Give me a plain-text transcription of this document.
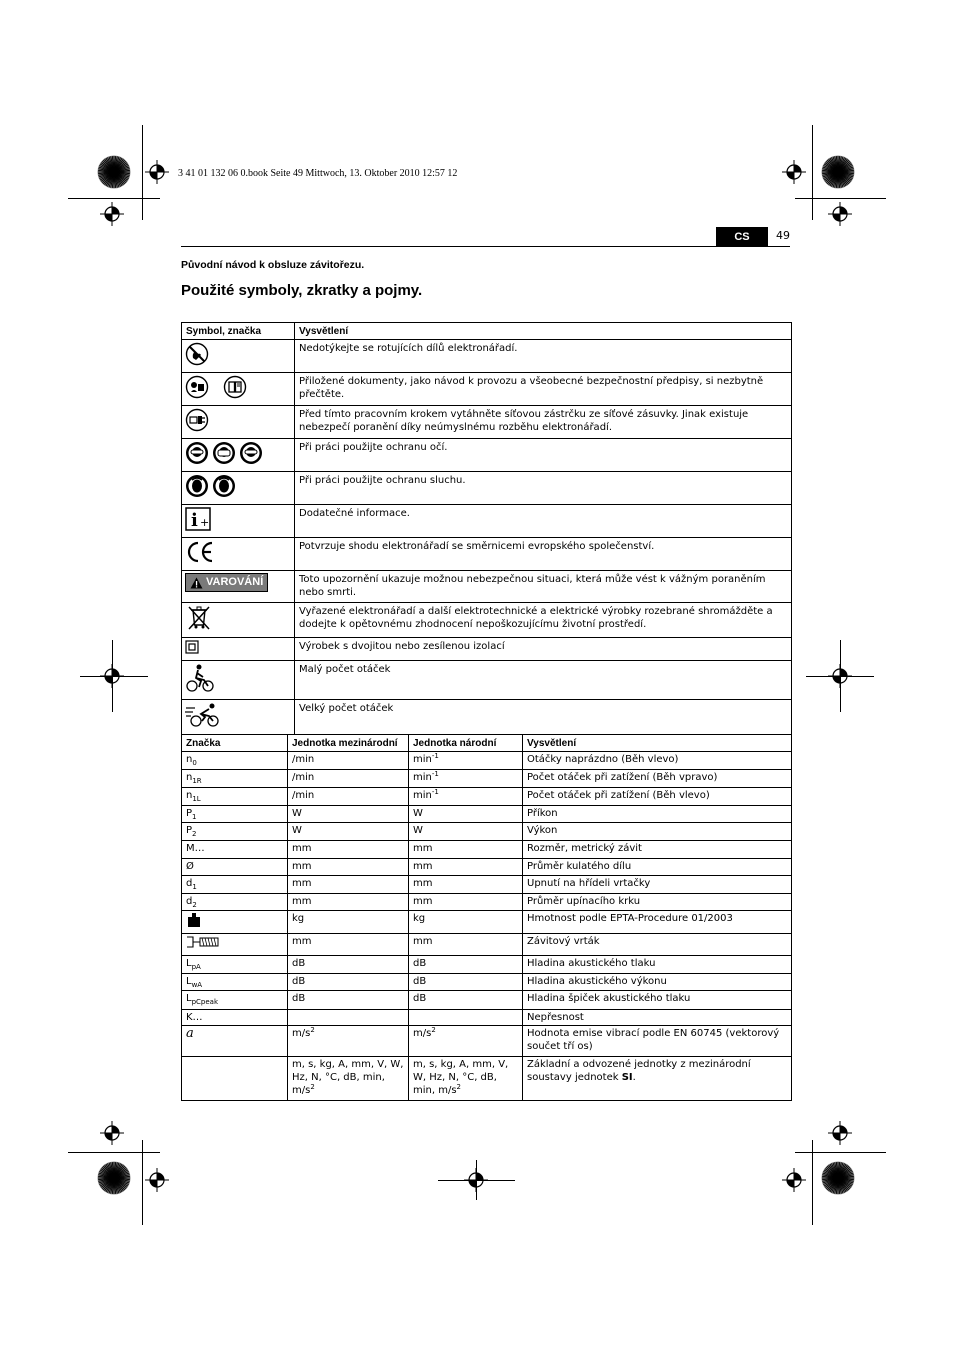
3 41 01 132 06 0.book Seite 49 Mittwoch, 13. Oktober 2010 12:57 12
CS	49
Původní návod k obsluze závitořezu.
Použité symboly, zkratky a pojmy.
Symbol, značka	Vysvětlení
	Nedotýkejte se rotujících dílů elektronářadí.

	Přiložené dokumenty, jako návod k provozu a všeobecné bezpečnostní předpisy, si nezbytně přečtěte.
	Před tímto pracovním krokem vytáhněte síťovou zástrčku ze síťové zásuvky. Jinak existuje nebezpečí poranění díky neúmyslnému rozběhu elektronářadí.

	Při práci použijte ochranu očí.

	Při práci použijte ochranu sluchu.

i +	Dodatečné informace.
	Potvrzuje shodu elektronářadí se směrnicemi evropského společenství.

VAROVÁNÍ	Toto upozornění ukazuje možnou nebezpečnou situaci, která může vést k vážným poraněním nebo smrti.
	Vyřazené elektronářadí a další elektrotechnické a elektrické výrobky rozebrané shromážděte a dodejte k opětovnému zhodnocení nepoškozujícímu životní prostředí.
	Výrobek s dvojitou nebo zesílenou izolací
	Malý počet otáček
	Velký počet otáček
Značka	Jednotka mezinárodní	Jednotka národní	Vysvětlení
$n_0$	/min	$\min^{-1}$	Otáčky naprázdno (Běh vlevo)
$n_{1R}$	/min	$\min^{-1}$	Počet otáček při zatížení (Běh vpravo)
$n_{1L}$	/min	$\min^{-1}$	Počet otáček při zatížení (Běh vlevo)
$P_1$	W	W	Příkon
$P_2$	W	W	Výkon
M…	mm	mm	Rozměr, metrický závit
Ø	mm	mm	Průměr kulatého dílu
$d_1$	mm	mm	Upnutí na hřídeli vrtačky
$d_2$	mm	mm	Průměr upínacího krku
	kg	kg	Hmotnost podle EPTA-Procedure 01/2003
	mm	mm	Závitový vrták
$L_{pA}$	dB	dB	Hladina akustického tlaku
$L_{wA}$	dB	dB	Hladina akustického výkonu
$L_{pCpeak}$	dB	dB	Hladina špiček akustického tlaku
K…			Nepřesnost
a	$m/s^2$	$m/s^2$	Hodnota emise vibrací podle EN 60745 (vektorový součet tří os)
	m, s, kg, A, mm, V, W, Hz, N, °C, dB, min, $m/s^2$	m, s, kg, A, mm, V, W, Hz, N, °C, dB, min, $m/s^2$	Základní a odvozené jednotky z mezinárodní soustavy jednotek SI.
